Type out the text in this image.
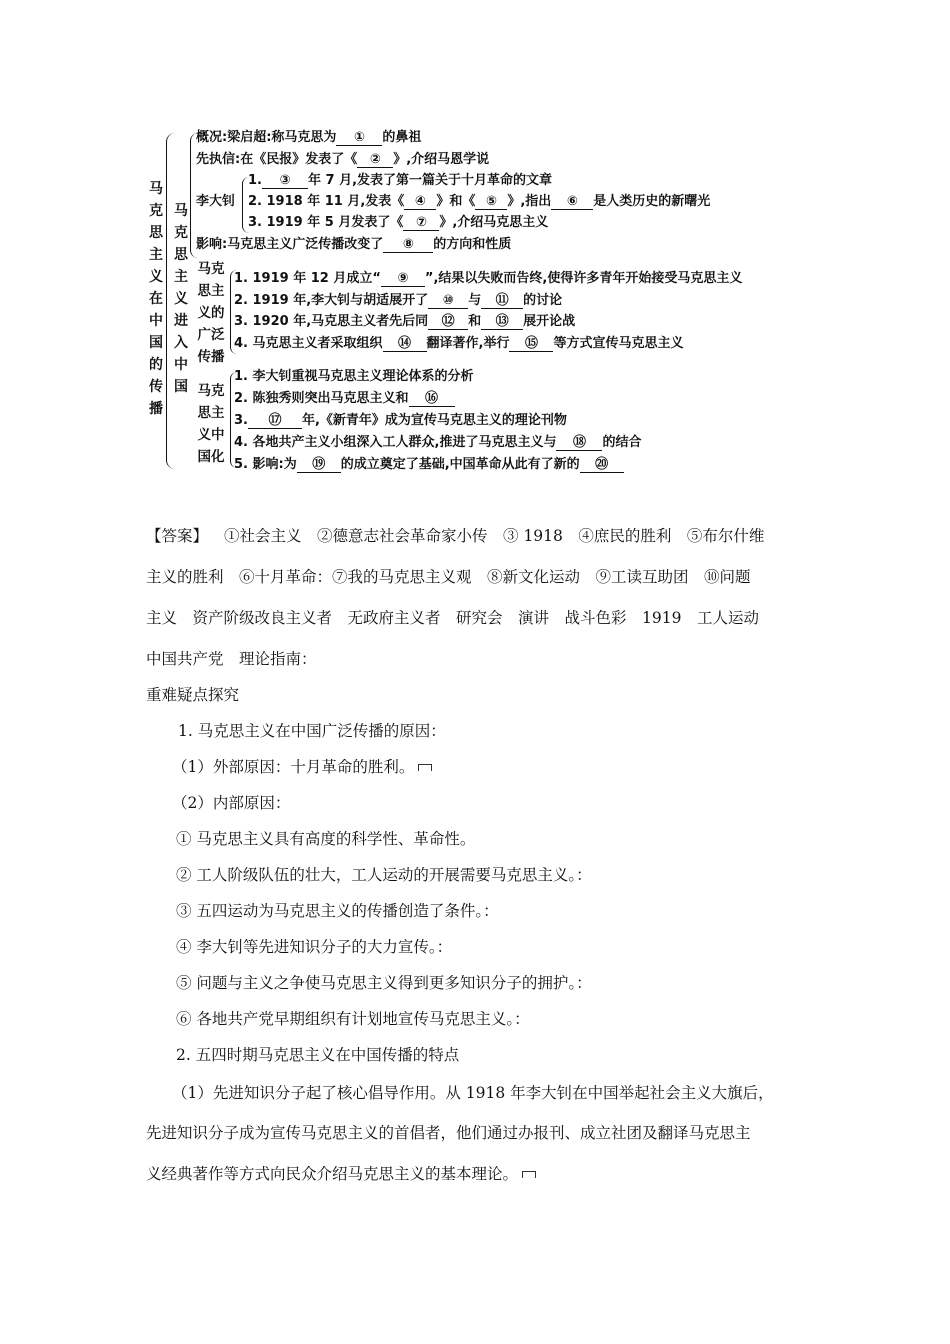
马
克
思
主
义
在
中
国
的
传
播
马
克
思
主
义
进
入
中
国
概况:梁启超:称马克思为 ① 的鼻祖
先执信:在《民报》发表了《 ② 》,介绍马恩学说
李大钊
1. ③ 年 7 月,发表了第一篇关于十月革命的文章
2. 1918 年 11 月,发表《 ④ 》和《 ⑤ 》,指出 ⑥ 是人类历史的新曙光
3. 1919 年 5 月发表了《 ⑦ 》,介绍马克思主义
影响:马克思主义广泛传播改变了 ⑧ 的方向和性质
马克
思主
义的
广泛
传播
1. 1919 年 12 月成立“ ⑨ ”,结果以失败而告终,使得许多青年开始接受马克思主义
2. 1919 年,李大钊与胡适展开了 ⑩ 与 ⑪ 的讨论
3. 1920 年,马克思主义者先后同 ⑫ 和 ⑬ 展开论战
4. 马克思主义者采取组织 ⑭ 翻译著作,举行 ⑮ 等方式宣传马克思主义
马克
思主
义中
国化
1. 李大钊重视马克思主义理论体系的分析
2. 陈独秀则突出马克思主义和 ⑯
3. ⑰ 年,《新青年》成为宣传马克思主义的理论刊物
4. 各地共产主义小组深入工人群众,推进了马克思主义与 ⑱ 的结合
5. 影响:为 ⑲ 的成立奠定了基础,中国革命从此有了新的 ⑳
【答案】 ①社会主义　②德意志社会革命家小传　③ 1918　④庶民的胜利　⑤布尔什维
主义的胜利　⑥十月革命：⑦我的马克思主义观　⑧新文化运动　⑨工读互助团　⑩问题
主义　资产阶级改良主义者　无政府主义者　研究会　演讲　战斗色彩　1919　工人运动
中国共产党　理论指南：
重难疑点探究
1. 马克思主义在中国广泛传播的原因：
（1）外部原因：十月革命的胜利。
（2）内部原因：
① 马克思主义具有高度的科学性、革命性。
② 工人阶级队伍的壮大，工人运动的开展需要马克思主义。：
③ 五四运动为马克思主义的传播创造了条件。：
④ 李大钊等先进知识分子的大力宣传。：
⑤ 问题与主义之争使马克思主义得到更多知识分子的拥护。：
⑥ 各地共产党早期组织有计划地宣传马克思主义。：
2. 五四时期马克思主义在中国传播的特点
（1）先进知识分子起了核心倡导作用。从 1918 年李大钊在中国举起社会主义大旗后，
先进知识分子成为宣传马克思主义的首倡者，他们通过办报刊、成立社团及翻译马克思主
义经典著作等方式向民众介绍马克思主义的基本理论。
